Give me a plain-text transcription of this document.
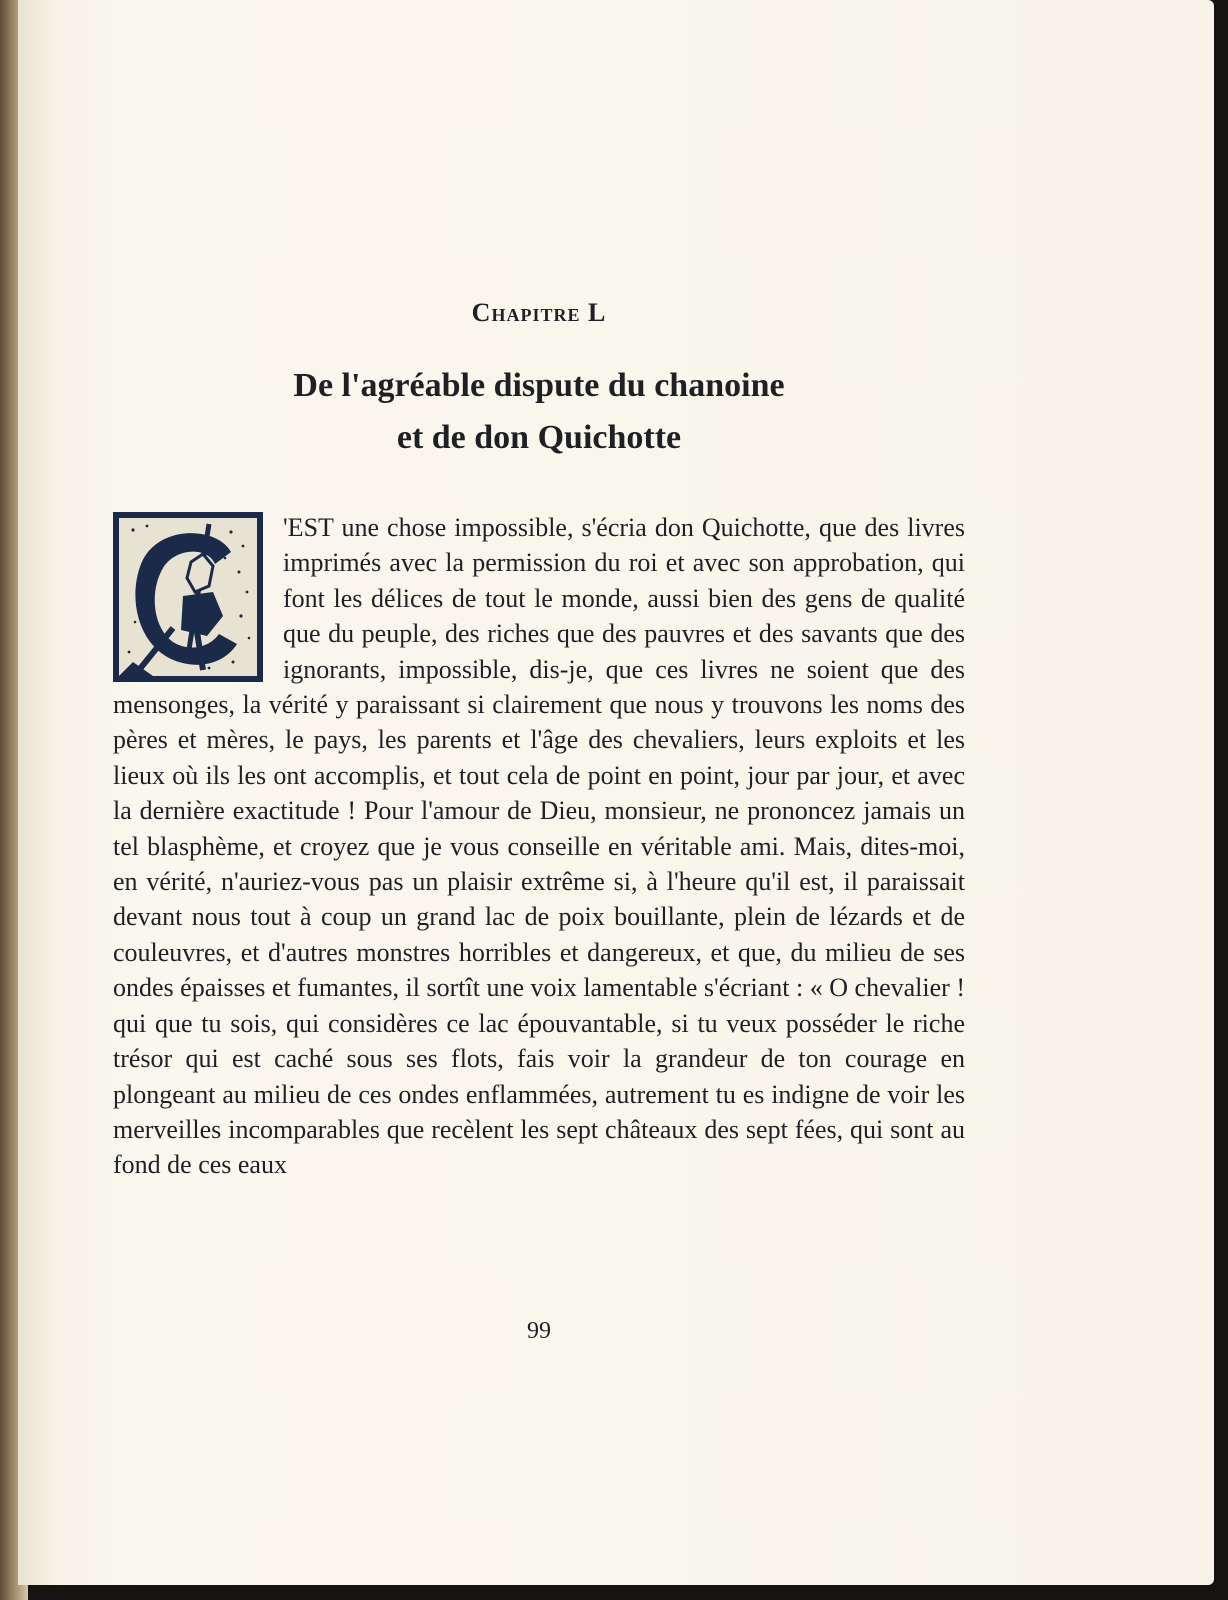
Chapitre L
De l'agréable dispute du chanoine
et de don Quichotte
'EST une chose impossible, s'écria don Quichotte, que des livres imprimés avec la permission du roi et avec son approbation, qui font les délices de tout le monde, aussi bien des gens de qualité que du peuple, des riches que des pauvres et des savants que des ignorants, impossible, dis-je, que ces livres ne soient que des mensonges, la vérité y paraissant si clairement que nous y trouvons les noms des pères et mères, le pays, les parents et l'âge des chevaliers, leurs exploits et les lieux où ils les ont accomplis, et tout cela de point en point, jour par jour, et avec la dernière exactitude ! Pour l'amour de Dieu, monsieur, ne prononcez jamais un tel blasphème, et croyez que je vous conseille en véritable ami. Mais, dites-moi, en vérité, n'auriez-vous pas un plaisir extrême si, à l'heure qu'il est, il paraissait devant nous tout à coup un grand lac de poix bouillante, plein de lézards et de couleuvres, et d'autres monstres horribles et dangereux, et que, du milieu de ses ondes épaisses et fumantes, il sortît une voix lamentable s'écriant : « O chevalier ! qui que tu sois, qui considères ce lac épouvantable, si tu veux posséder le riche trésor qui est caché sous ses flots, fais voir la grandeur de ton courage en plongeant au milieu de ces ondes enflammées, autrement tu es indigne de voir les merveilles incomparables que recèlent les sept châteaux des sept fées, qui sont au fond de ces eaux
99
